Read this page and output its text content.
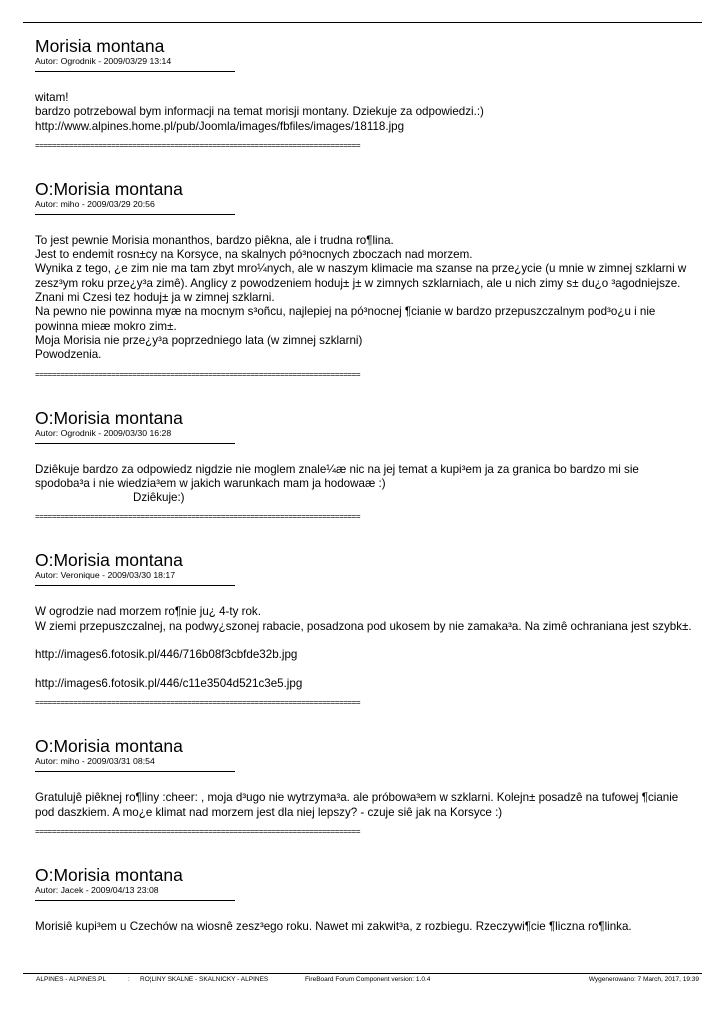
Morisia montana
Autor: Ogrodnik - 2009/03/29 13:14

witam!

bardzo potrzebowal bym informacji na temat morisji montany. Dziekuje za odpowiedzi.:)

http://www.alpines.home.pl/pub/Joomla/images/fbfiles/images/18118.jpg

=============================================================================
O:Morisia montana
Autor: miho - 2009/03/29 20:56

To jest pewnie Morisia monanthos, bardzo piêkna, ale i trudna ro¶lina.

Jest to endemit rosn±cy na Korsyce, na skalnych pó³nocnych zboczach nad morzem.

Wynika z tego, ¿e zim nie ma tam zbyt mro¼nych, ale w naszym klimacie ma szanse na prze¿ycie (u mnie w zimnej szklarni w zesz³ym roku prze¿y³a zimê). Anglicy z powodzeniem hoduj± j± w zimnych szklarniach, ale u nich zimy s± du¿o ³agodniejsze.

Znani mi Czesi tez hoduj± ja w zimnej szklarni.

Na pewno nie powinna myæ na mocnym s³oñcu, najlepiej na pó³nocnej ¶cianie w bardzo przepuszczalnym pod³o¿u i nie powinna mieæ mokro zim±.

Moja Morisia nie prze¿y³a poprzedniego lata (w zimnej szklarni)

Powodzenia.

=============================================================================
O:Morisia montana
Autor: Ogrodnik - 2009/03/30 16:28

Dziêkuje bardzo za odpowiedz nigdzie nie moglem znale¼æ nic na jej temat a kupi³em ja za granica bo bardzo mi sie spodoba³a i nie wiedzia³em w jakich warunkach mam ja hodowaæ :)

Dziêkuje:)

=============================================================================
O:Morisia montana
Autor: Veronique - 2009/03/30 18:17

W ogrodzie nad morzem ro¶nie ju¿ 4-ty rok.

W ziemi przepuszczalnej, na podwy¿szonej rabacie, posadzona pod ukosem by nie zamaka³a. Na zimê ochraniana jest szybk±.

http://images6.fotosik.pl/446/716b08f3cbfde32b.jpg

http://images6.fotosik.pl/446/c11e3504d521c3e5.jpg

=============================================================================
O:Morisia montana
Autor: miho - 2009/03/31 08:54

Gratulujê piêknej ro¶liny :cheer: , moja d³ugo nie wytrzyma³a. ale próbowa³em w szklarni. Kolejn± posadzê na tufowej ¶cianie pod daszkiem. A mo¿e klimat nad morzem jest dla niej lepszy? - czuje siê jak na Korsyce :)

=============================================================================
O:Morisia montana
Autor: Jacek - 2009/04/13 23:08

Morisiê kupi³em u Czechów na wiosnê zesz³ego roku. Nawet mi zakwit³a, z rozbiegu. Rzeczywi¶cie ¶liczna ro¶linka.

ALPINES - ALPINES.PL	: RO¦LINY SKALNE - SKALNICKY - ALPINES	FireBoard Forum Component version: 1.0.4	Wygenerowano: 7 March, 2017, 19:39
